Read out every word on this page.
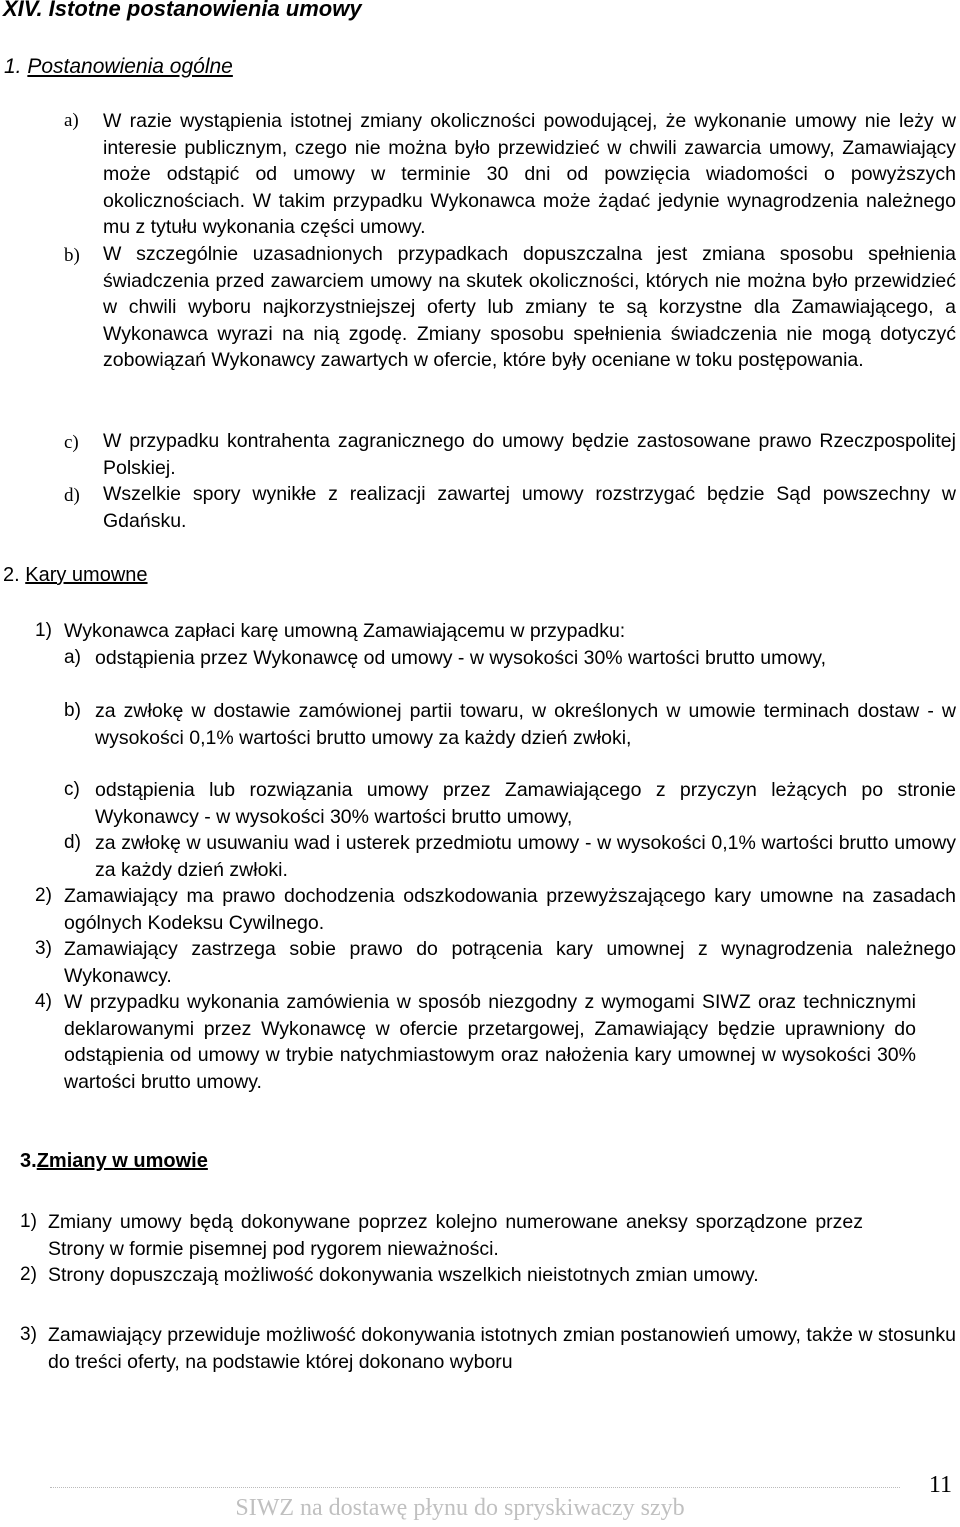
XIV. Istotne postanowienia umowy
1. Postanowienia ogólne
a) W razie wystąpienia istotnej zmiany okoliczności powodującej, że wykonanie umowy nie leży w interesie publicznym, czego nie można było przewidzieć w chwili zawarcia umowy, Zamawiający może odstąpić od umowy w terminie 30 dni od powzięcia wiadomości o powyższych okolicznościach. W takim przypadku Wykonawca może żądać jedynie wynagrodzenia należnego mu z tytułu wykonania części umowy.
b) W szczególnie uzasadnionych przypadkach dopuszczalna jest zmiana sposobu spełnienia świadczenia przed zawarciem umowy na skutek okoliczności, których nie można było przewidzieć w chwili wyboru najkorzystniejszej oferty lub zmiany te są korzystne dla Zamawiającego, a Wykonawca wyrazi na nią zgodę. Zmiany sposobu spełnienia świadczenia nie mogą dotyczyć zobowiązań Wykonawcy zawartych w ofercie, które były oceniane w toku postępowania.
c) W przypadku kontrahenta zagranicznego do umowy będzie zastosowane prawo Rzeczpospolitej Polskiej.
d) Wszelkie spory wynikłe z realizacji zawartej umowy rozstrzygać będzie Sąd powszechny w Gdańsku.
2. Kary umowne
1) Wykonawca zapłaci karę umowną Zamawiającemu w przypadku:
a) odstąpienia przez Wykonawcę od umowy - w wysokości 30% wartości brutto umowy,
b) za zwłokę w dostawie zamówionej partii towaru, w określonych w umowie terminach dostaw - w wysokości 0,1% wartości brutto umowy za każdy dzień zwłoki,
c) odstąpienia lub rozwiązania umowy przez Zamawiającego z przyczyn leżących po stronie Wykonawcy - w wysokości 30% wartości brutto umowy,
d) za zwłokę w usuwaniu wad i usterek przedmiotu umowy - w wysokości 0,1% wartości brutto umowy za każdy dzień zwłoki.
2) Zamawiający ma prawo dochodzenia odszkodowania przewyższającego kary umowne na zasadach ogólnych Kodeksu Cywilnego.
3) Zamawiający zastrzega sobie prawo do potrącenia kary umownej z wynagrodzenia należnego Wykonawcy.
4) W przypadku wykonania zamówienia w sposób niezgodny z wymogami SIWZ oraz technicznymi deklarowanymi przez Wykonawcę w ofercie przetargowej, Zamawiający będzie uprawniony do odstąpienia od umowy w trybie natychmiastowym oraz nałożenia kary umownej w wysokości 30% wartości brutto umowy.
3.Zmiany w umowie
1) Zmiany umowy będą dokonywane poprzez kolejno numerowane aneksy sporządzone przez Strony w formie pisemnej pod rygorem nieważności.
2) Strony dopuszczają możliwość dokonywania wszelkich nieistotnych zmian umowy.
3) Zamawiający przewiduje możliwość dokonywania istotnych zmian postanowień umowy, także w stosunku do treści oferty, na podstawie której dokonano wyboru
11
SIWZ na dostawę płynu do spryskiwaczy szyb
